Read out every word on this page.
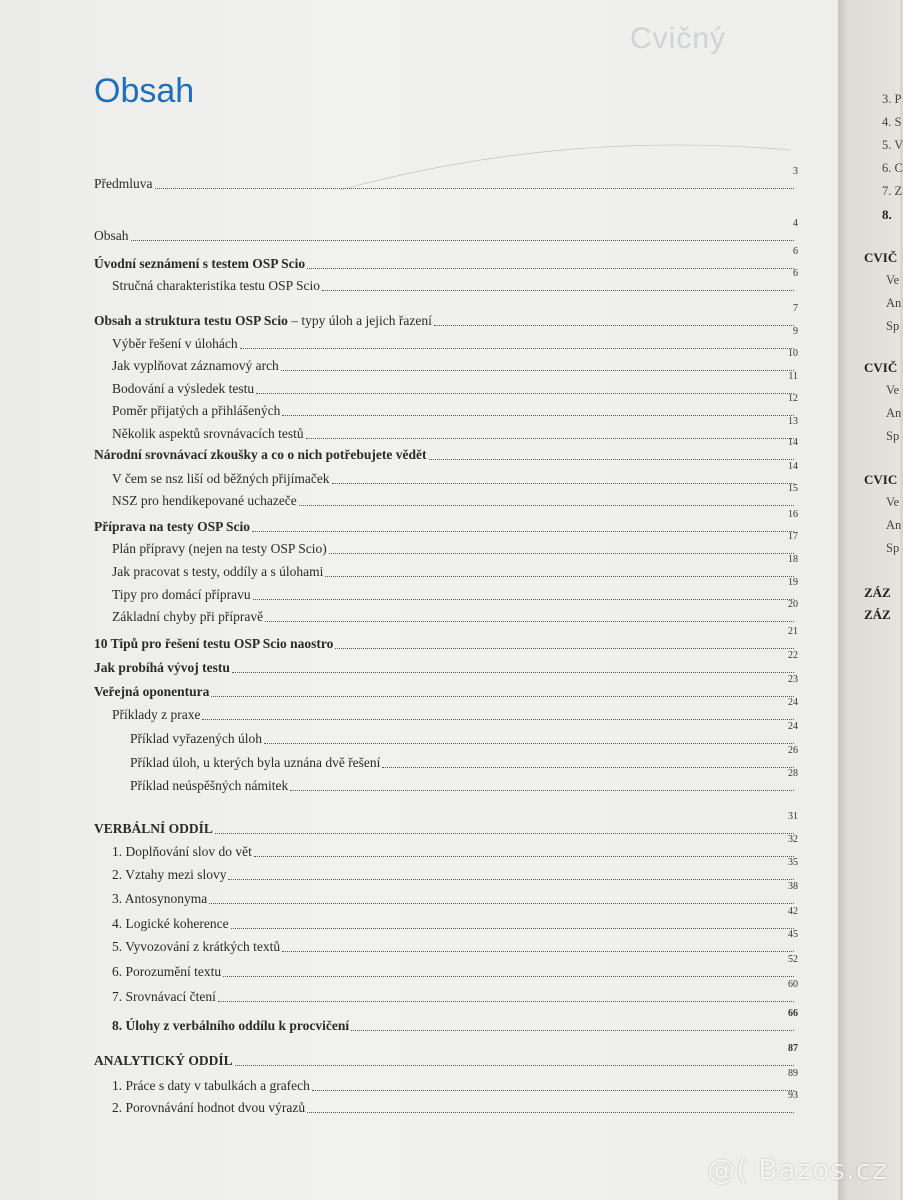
Cvičný
Obsah
Předmluva
3
Obsah
4
Úvodní seznámení s testem OSP Scio
6
Stručná charakteristika testu OSP Scio
6
Obsah a struktura testu OSP Scio – typy úloh a jejich řazení
7
Výběr řešení v úlohách
9
Jak vyplňovat záznamový arch
10
Bodování a výsledek testu
11
Poměr přijatých a přihlášených
12
Několik aspektů srovnávacích testů
13
Národní srovnávací zkoušky a co o nich potřebujete vědět
14
V čem se nsz liší od běžných přijímaček
14
NSZ pro hendikepované uchazeče
15
Příprava na testy OSP Scio
16
Plán přípravy (nejen na testy OSP Scio)
17
Jak pracovat s testy, oddíly a s úlohami
18
Tipy pro domácí přípravu
19
Základní chyby při přípravě
20
10 Tipů pro řešení testu OSP Scio naostro
21
Jak probíhá vývoj testu
22
Veřejná oponentura
23
Příklady z praxe
24
Příklad vyřazených úloh
24
Příklad úloh, u kterých byla uznána dvě řešení
26
Příklad neúspěšných námitek
28
VERBÁLNÍ ODDÍL
31
1. Doplňování slov do vět
32
2. Vztahy mezi slovy
35
3. Antosynonyma
38
4. Logické koherence
42
5. Vyvozování z krátkých textů
45
6. Porozumění textu
52
7. Srovnávací čtení
60
8. Úlohy z verbálního oddílu k procvičení
66
ANALYTICKÝ ODDÍL
87
1. Práce s daty v tabulkách a grafech
89
2. Porovnávání hodnot dvou výrazů
93
3. P
4. S
5. V
6. C
7. Z
8.
CVIČ
Ve
An
Sp
CVIČ
Ve
An
Sp
CVIC
Ve
An
Sp
ZÁZ
ZÁZ
@( Bazos.cz
